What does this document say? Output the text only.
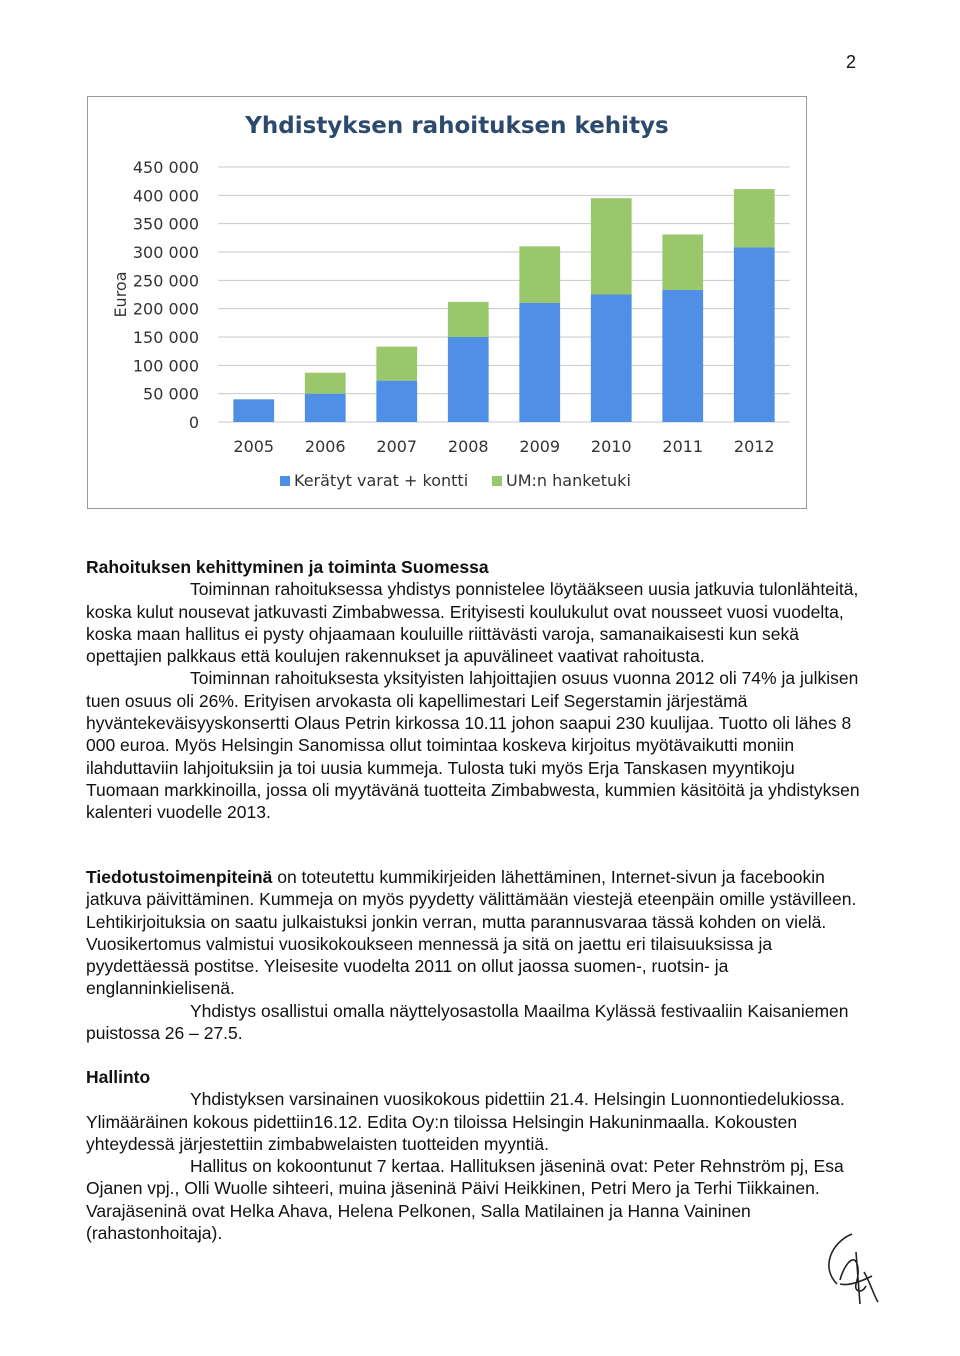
2
Yhdistyksen rahoituksen kehitys
0
50 000
100 000
150 000
200 000
250 000
300 000
350 000
400 000
450 000
Euroa
2005 2006 2007 2008 2009 2010 2011 2012
Kerätyt varat + kontti UM:n hanketuki

Rahoituksen kehittyminen ja toiminta Suomessa

Toiminnan rahoituksessa yhdistys ponnistelee löytääkseen uusia jatkuvia tulonlähteitä, koska kulut nousevat jatkuvasti Zimbabwessa. Erityisesti koulukulut ovat nousseet vuosi vuodelta, koska maan hallitus ei pysty ohjaamaan kouluille riittävästi varoja, samanaikaisesti kun sekä opettajien palkkaus että koulujen rakennukset ja apuvälineet vaativat rahoitusta.

Toiminnan rahoituksesta yksityisten lahjoittajien osuus vuonna 2012 oli 74% ja julkisen tuen osuus oli 26%. Erityisen arvokasta oli kapellimestari Leif Segerstamin järjestämä hyväntekeväisyyskonsertti Olaus Petrin kirkossa 10.11 johon saapui 230 kuulijaa. Tuotto oli lähes 8 000 euroa. Myös Helsingin Sanomissa ollut toimintaa koskeva kirjoitus myötävaikutti moniin ilahduttaviin lahjoituksiin ja toi uusia kummeja. Tulosta tuki myös Erja Tanskasen myyntikoju Tuomaan markkinoilla, jossa oli myytävänä tuotteita Zimbabwesta, kummien käsitöitä ja yhdistyksen kalenteri vuodelle 2013.

Tiedotustoimenpiteinä on toteutettu kummikirjeiden lähettäminen, Internet-sivun ja facebookin jatkuva päivittäminen. Kummeja on myös pyydetty välittämään viestejä eteenpäin omille ystävilleen. Lehtikirjoituksia on saatu julkaistuksi jonkin verran, mutta parannusvaraa tässä kohden on vielä. Vuosikertomus valmistui vuosikokoukseen mennessä ja sitä on jaettu eri tilaisuuksissa ja pyydettäessä postitse. Yleisesite vuodelta 2011 on ollut jaossa suomen-, ruotsin- ja englanninkielisenä.

Yhdistys osallistui omalla näyttelyosastolla Maailma Kylässä festivaaliin Kaisaniemen puistossa 26 – 27.5.

Hallinto

Yhdistyksen varsinainen vuosikokous pidettiin 21.4. Helsingin Luonnontiedelukiossa. Ylimääräinen kokous pidettiin16.12. Edita Oy:n tiloissa Helsingin Hakuninmaalla. Kokousten yhteydessä järjestettiin zimbabwelaisten tuotteiden myyntiä.

Hallitus on kokoontunut 7 kertaa. Hallituksen jäseninä ovat: Peter Rehnström pj, Esa Ojanen vpj., Olli Wuolle sihteeri, muina jäseninä Päivi Heikkinen, Petri Mero ja Terhi Tiikkainen. Varajäseninä ovat Helka Ahava, Helena Pelkonen, Salla Matilainen ja Hanna Vaininen (rahastonhoitaja).
